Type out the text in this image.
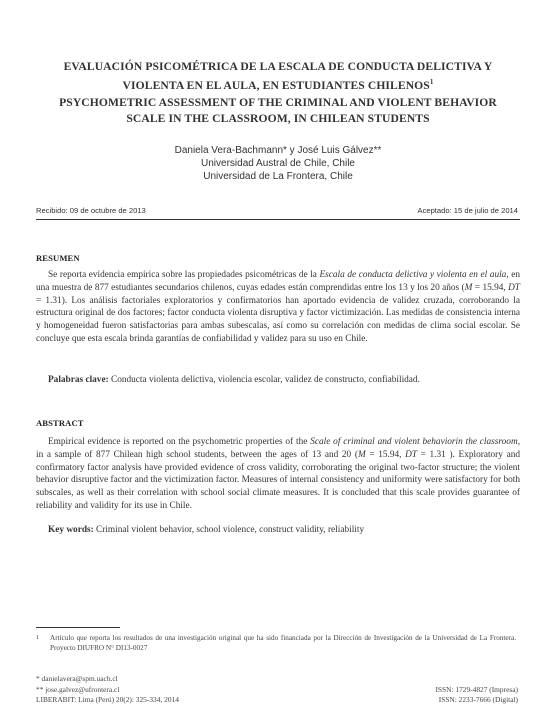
EVALUACIÓN PSICOMÉTRICA DE LA ESCALA DE CONDUCTA DELICTIVA Y
VIOLENTA EN EL AULA, EN ESTUDIANTES CHILENOS$^1$
PSYCHOMETRIC ASSESSMENT OF THE CRIMINAL AND VIOLENT BEHAVIOR
SCALE IN THE CLASSROOM, IN CHILEAN STUDENTS
Daniela Vera-Bachmann* y José Luis Gálvez**
Universidad Austral de Chile, Chile
Universidad de La Frontera, Chile
Recibido: 09 de octubre de 2013	Aceptado: 15 de julio de 2014
RESUMEN

Se reporta evidencia empírica sobre las propiedades psicométricas de la Escala de conducta delictiva y violenta en el aula, en una muestra de 877 estudiantes secundarios chilenos, cuyas edades están comprendidas entre los 13 y los 20 años (M = 15.94, DT = 1.31). Los análisis factoriales exploratorios y confirmatorios han aportado evidencia de validez cruzada, corroborando la estructura original de dos factores; factor conducta violenta disruptiva y factor victimización. Las medidas de consistencia interna y homogeneidad fueron satisfactorias para ambas subescalas, así como su correlación con medidas de clima social escolar. Se concluye que esta escala brinda garantías de confiabilidad y validez para su uso en Chile.

Palabras clave: Conducta violenta delictiva, violencia escolar, validez de constructo, confiabilidad.
ABSTRACT

Empirical evidence is reported on the psychometric properties of the Scale of criminal and violent behaviorin the classroom, in a sample of 877 Chilean high school students, between the ages of 13 and 20 (M = 15.94, DT = 1.31 ). Exploratory and confirmatory factor analysis have provided evidence of cross validity, corroborating the original two-factor structure; the violent behavior disruptive factor and the victimization factor. Measures of internal consistency and uniformity were satisfactory for both subscales, as well as their correlation with school social climate measures. It is concluded that this scale provides guarantee of reliability and validity for its use in Chile.

Key words: Criminal violent behavior, school violence, construct validity, reliability
1 Artículo que reporta los resultados de una investigación original que ha sido financiada por la Dirección de Investigación de la Universidad de La Frontera. Proyecto DIUFRO N° DI13-0027
* danielavera@spm.uach.cl
** jose.galvez@ufrontera.cl
LIBERABIT: Lima (Perú) 20(2): 325-334, 2014
ISSN: 1729-4827 (Impresa)
ISSN: 2233-7666 (Digital)
